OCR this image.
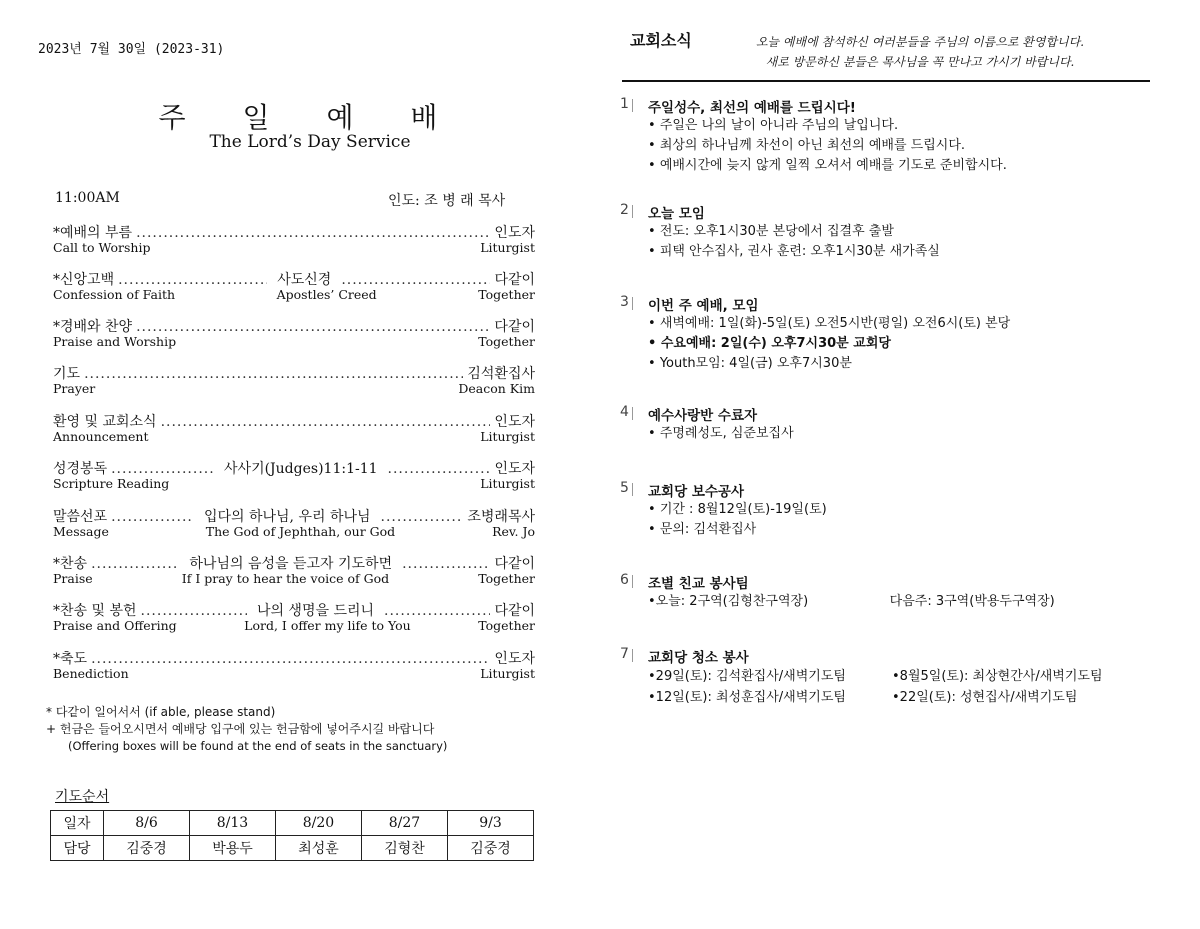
2023년 7월 30일 (2023-31)
주 일 예 배
The Lord’s Day Service
11:00AM	인도: 조 병 래 목사
*예배의 부름 .....	인도자
Call to Worship	Liturgist
*신앙고백 .....	사도신경 .....	다같이
Confession of Faith	Apostles’ Creed	Together
*경배와 찬양 .....	다같이
Praise and Worship	Together
기도 .....	김석환집사
Prayer	Deacon Kim
환영 및 교회소식 .....	인도자
Announcement	Liturgist
성경봉독 .....	사사기(Judges)11:1-11 .....	인도자
Scripture Reading	Liturgist
말씀선포 .....	입다의 하나님, 우리 하나님 .....	조병래목사
Message	The God of Jephthah, our God	Rev. Jo
*찬송 .....	하나님의 음성을 듣고자 기도하면 .....	다같이
Praise	If I pray to hear the voice of God	Together
*찬송 및 봉헌 .....	나의 생명을 드리니 .....	다같이
Praise and Offering	Lord, I offer my life to You	Together
*축도 .....	인도자
Benediction	Liturgist
* 다같이 일어서서 (if able, please stand)
+ 헌금은 들어오시면서 예배당 입구에 있는 헌금함에 넣어주시길 바랍니다
(Offering boxes will be found at the end of seats in the sanctuary)
기도순서
일자	8/6	8/13	8/20	8/27	9/3
담당	김중경	박용두	최성훈	김형찬	김중경
교회소식	오늘 예배에 참석하신 여러분들을 주님의 이름으로 환영합니다.
새로 방문하신 분들은 목사님을 꼭 만나고 가시기 바랍니다.
1 주일성수, 최선의 예배를 드립시다!
• 주일은 나의 날이 아니라 주님의 날입니다.
• 최상의 하나님께 차선이 아닌 최선의 예배를 드립시다.
• 예배시간에 늦지 않게 일찍 오셔서 예배를 기도로 준비합시다.
2 오늘 모임
• 전도: 오후1시30분 본당에서 집결후 출발
• 피택 안수집사, 권사 훈련: 오후1시30분 새가족실
3 이번 주 예배, 모임
• 새벽예배: 1일(화)-5일(토) 오전5시반(평일) 오전6시(토) 본당
• 수요예배: 2일(수) 오후7시30분 교회당
• Youth모임: 4일(금) 오후7시30분
4 예수사랑반 수료자
• 주명례성도, 심준보집사
5 교회당 보수공사
• 기간 : 8월12일(토)-19일(토)
• 문의: 김석환집사
6 조별 친교 봉사팀
• 오늘: 2구역(김형찬구역장)	다음주: 3구역(박용두구역장)
7 교회당 청소 봉사
•29일(토): 김석환집사/새벽기도팀	•8월5일(토): 최상현간사/새벽기도팀
•12일(토): 최성훈집사/새벽기도팀	•22일(토): 성현집사/새벽기도팀
